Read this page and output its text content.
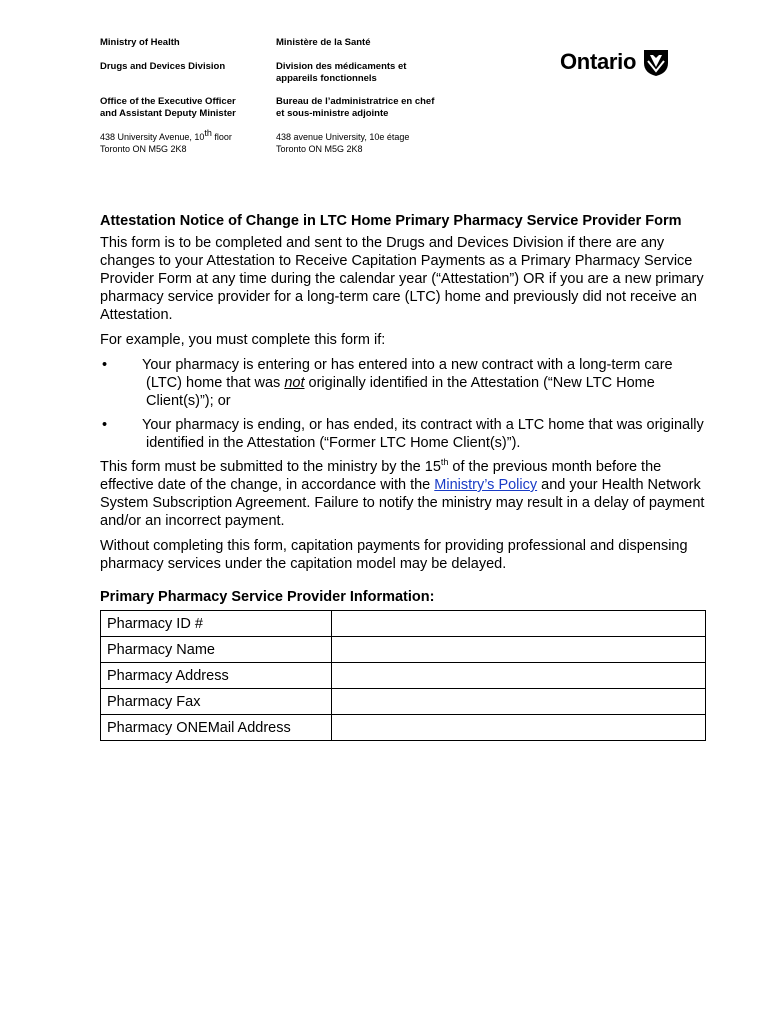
Ministry of Health
Drugs and Devices Division
Office of the Executive Officer
and Assistant Deputy Minister
438 University Avenue, 10th floor
Toronto ON M5G 2K8
Ministère de la Santé
Division des médicaments et
appareils fonctionnels
Bureau de l’administratrice en chef
et sous-ministre adjointe
438 avenue University, 10e étage
Toronto ON M5G 2K8
Ontario
Attestation Notice of Change in LTC Home Primary Pharmacy Service Provider Form

This form is to be completed and sent to the Drugs and Devices Division if there are any changes to your Attestation to Receive Capitation Payments as a Primary Pharmacy Service Provider Form at any time during the calendar year (“Attestation”) OR if you are a new primary pharmacy service provider for a long-term care (LTC) home and previously did not receive an Attestation.

For example, you must complete this form if:

• Your pharmacy is entering or has entered into a new contract with a long-term care (LTC) home that was not originally identified in the Attestation (“New LTC Home Client(s)”); or
• Your pharmacy is ending, or has ended, its contract with a LTC home that was originally identified in the Attestation (“Former LTC Home Client(s)”).

This form must be submitted to the ministry by the 15th of the previous month before the effective date of the change, in accordance with the Ministry’s Policy and your Health Network System Subscription Agreement. Failure to notify the ministry may result in a delay of payment and/or an incorrect payment.

Without completing this form, capitation payments for providing professional and dispensing pharmacy services under the capitation model may be delayed.

Primary Pharmacy Service Provider Information:
Pharmacy ID #	
Pharmacy Name	
Pharmacy Address	
Pharmacy Fax	
Pharmacy ONEMail Address	
